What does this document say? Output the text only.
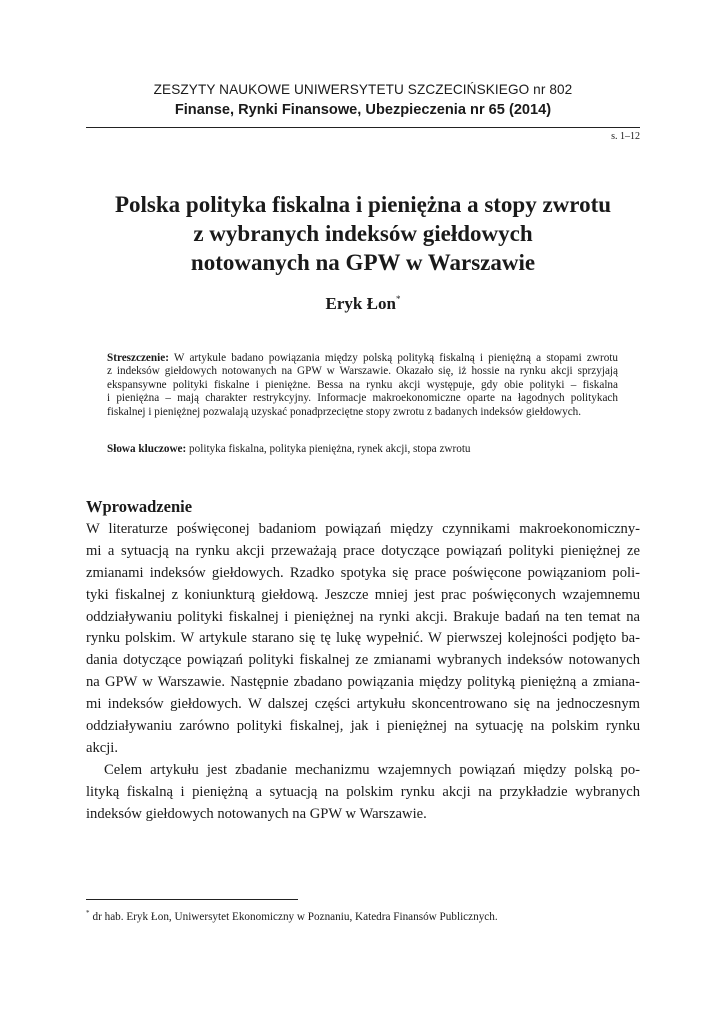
ZESZYTY NAUKOWE UNIWERSYTETU SZCZECIŃSKIEGO nr 802
Finanse, Rynki Finansowe, Ubezpieczenia nr 65 (2014)
s. 1–12
Polska polityka fiskalna i pieniężna a stopy zwrotu
z wybranych indeksów giełdowych
notowanych na GPW w Warszawie
Eryk Łon*
Streszczenie: W artykule badano powiązania między polską polityką fiskalną i pieniężną a stopami zwrotu
z indeksów giełdowych notowanych na GPW w Warszawie. Okazało się, iż hossie na rynku akcji sprzyjają
ekspansywne polityki fiskalne i pieniężne. Bessa na rynku akcji występuje, gdy obie polityki – fiskalna
i pieniężna – mają charakter restrykcyjny. Informacje makroekonomiczne oparte na łagodnych politykach
fiskalnej i pieniężnej pozwalają uzyskać ponadprzeciętne stopy zwrotu z badanych indeksów giełdowych.
Słowa kluczowe: polityka fiskalna, polityka pieniężna, rynek akcji, stopa zwrotu
Wprowadzenie
W literaturze poświęconej badaniom powiązań między czynnikami makroekonomiczny-
mi a sytuacją na rynku akcji przeważają prace dotyczące powiązań polityki pieniężnej ze
zmianami indeksów giełdowych. Rzadko spotyka się prace poświęcone powiązaniom poli-
tyki fiskalnej z koniunkturą giełdową. Jeszcze mniej jest prac poświęconych wzajemnemu
oddziaływaniu polityki fiskalnej i pieniężnej na rynki akcji. Brakuje badań na ten temat na
rynku polskim. W artykule starano się tę lukę wypełnić. W pierwszej kolejności podjęto ba-
dania dotyczące powiązań polityki fiskalnej ze zmianami wybranych indeksów notowanych
na GPW w Warszawie. Następnie zbadano powiązania między polityką pieniężną a zmiana-
mi indeksów giełdowych. W dalszej części artykułu skoncentrowano się na jednoczesnym
oddziaływaniu zarówno polityki fiskalnej, jak i pieniężnej na sytuację na polskim rynku
akcji.
Celem artykułu jest zbadanie mechanizmu wzajemnych powiązań między polską po-
lityką fiskalną i pieniężną a sytuacją na polskim rynku akcji na przykładzie wybranych
indeksów giełdowych notowanych na GPW w Warszawie.
* dr hab. Eryk Łon, Uniwersytet Ekonomiczny w Poznaniu, Katedra Finansów Publicznych.
